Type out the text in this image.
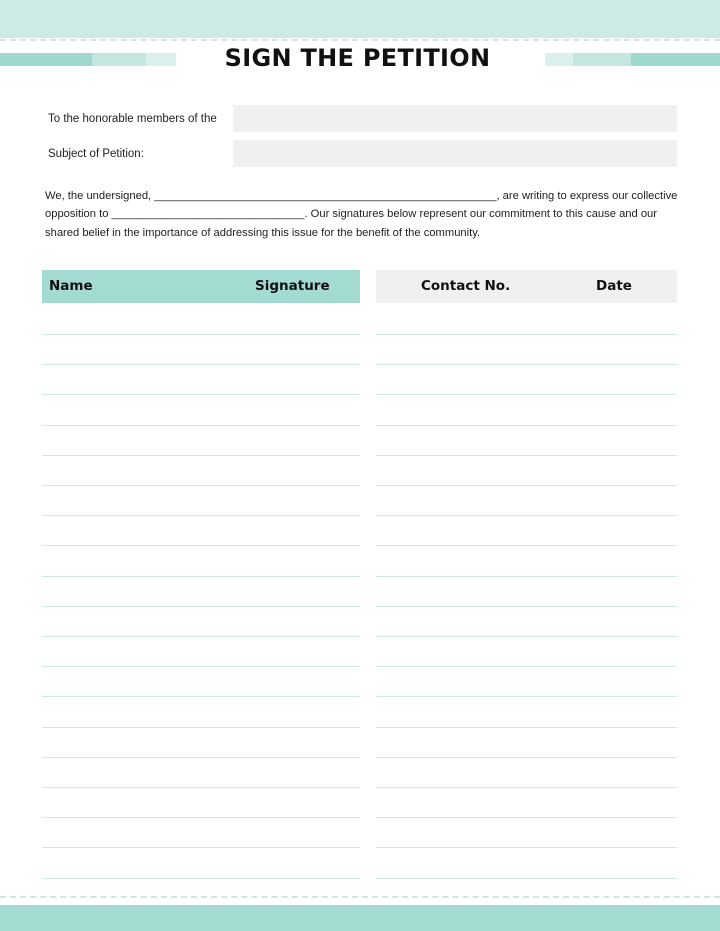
SIGN THE PETITION
To the honorable members of the
Subject of Petition:
We, the undersigned, _______________________________________________________, are writing to express our collective
opposition to _______________________________. Our signatures below represent our commitment to this cause and our
shared belief in the importance of addressing this issue for the benefit of the community.
Name	Signature	Contact No.	Date
